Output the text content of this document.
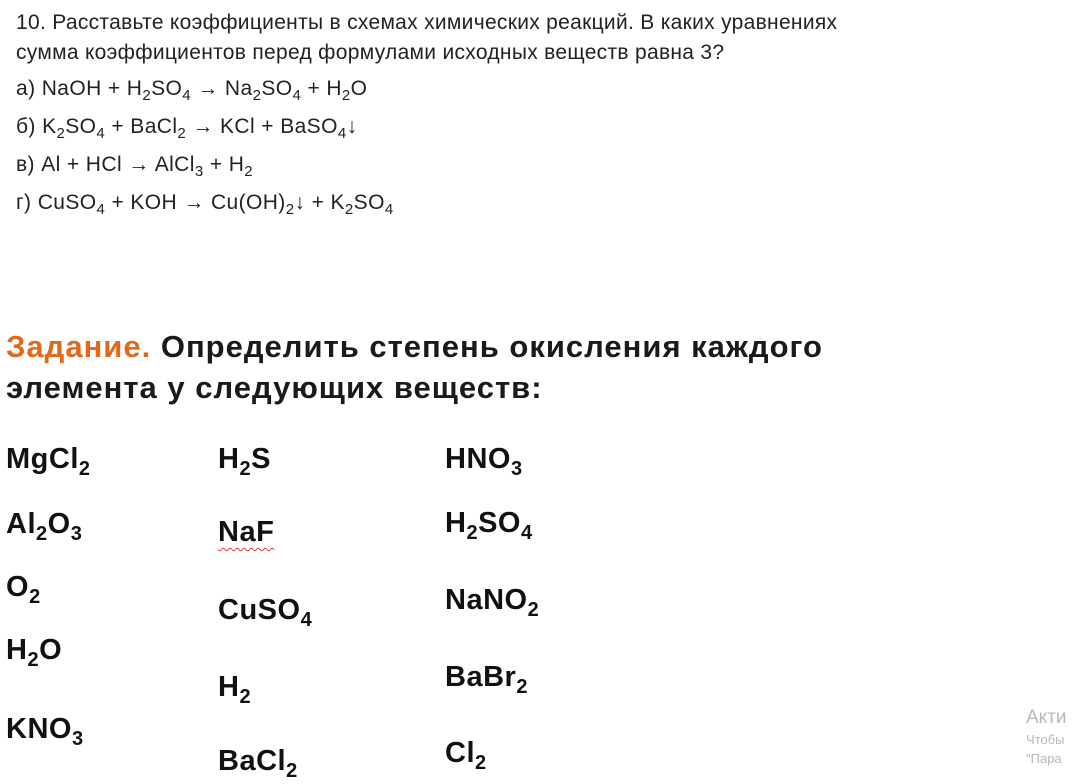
10. Расставьте коэффициенты в схемах химических реакций. В каких уравнениях
сумма коэффициентов перед формулами исходных веществ равна 3?
а) NaOH + $H_2SO_4 \to Na_2SO_4 + H_2O$
б) $K_2SO_4$ + BaCl$_2$ → KCl + BaSO$_4$↓
в) Al + HCl → AlCl$_3$ + $H_2$
г) CuSO$_4$ + KOH → $Cu(OH)_2↓ + K_2SO_4$
Задание. Определить степень окисления каждого
элемента у следующих веществ:
MgCl$_2$
$Al_2O_3$
$O_2$
$H_2O$
$KNO_3$
$H_2S$
NaF
CuSO$_4$
$H_2$
BaCl$_2$
$HNO_3$
$H_2SO_4$
NaNO$_2$
BaBr$_2$
$Cl_2$
Акти
Чтобы
"Пара
